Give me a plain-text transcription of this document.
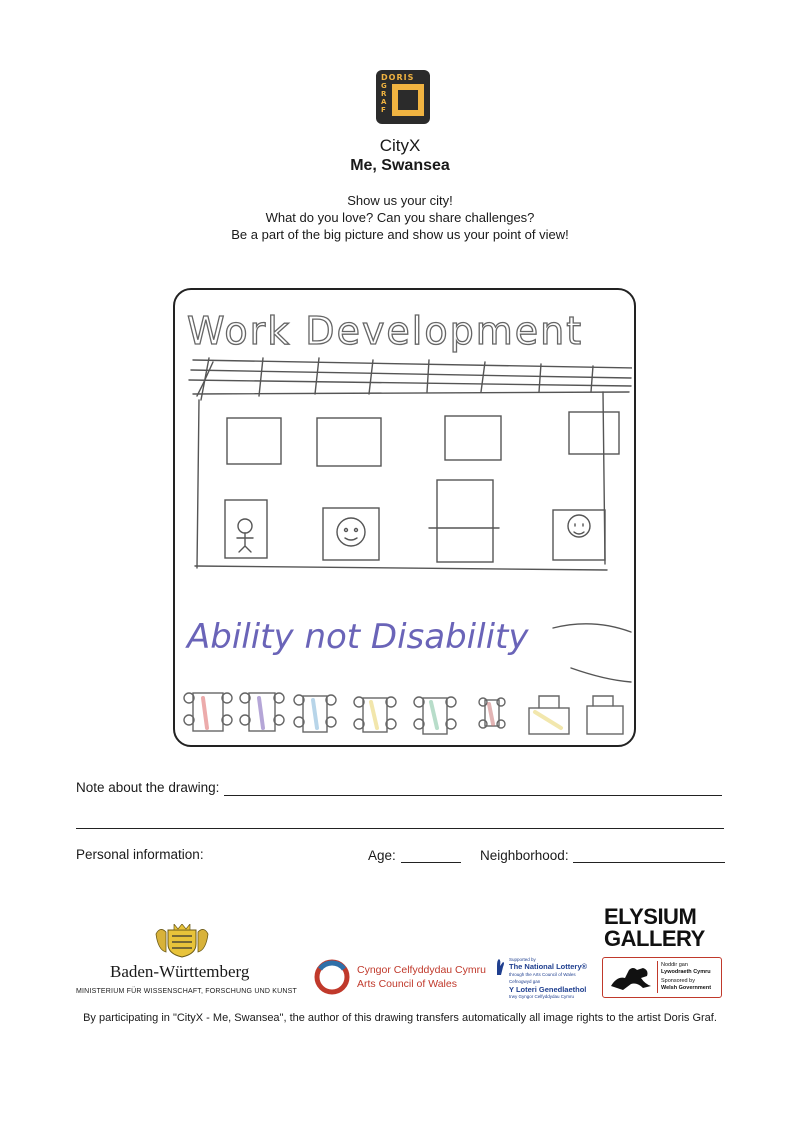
DORIS
GRAF
CityX
Me, Swansea
Show us your city!
What do you love? Can you share challenges?
Be a part of the big picture and show us your point of view!
Work Development
Ability not Disability
Note about the drawing:
Personal information:	Age:	Neighborhood:
Baden-Württemberg
MINISTERIUM FÜR WISSENSCHAFT, FORSCHUNG UND KUNST
Cyngor Celfyddydau Cymru
Arts Council of Wales
Supported by
The National Lottery®
through the Arts Council of Wales
Cefnogwyd gan
Y Loteri Genedlaethol
trwy Gyngor Celfyddydau Cymru
ELYSIUM
GALLERY
Noddir gan
Lywodraeth Cymru
Sponsored by
Welsh Government
By participating in "CityX - Me, Swansea", the author of this drawing transfers automatically all image rights to the artist Doris Graf.
